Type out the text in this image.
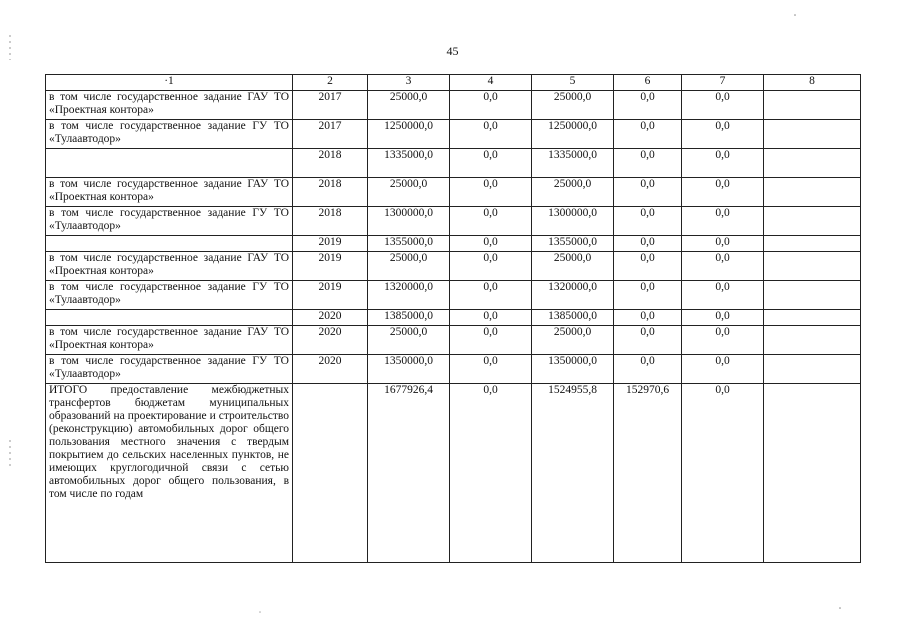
45
·1	2	3	4	5	6	7	8
в том числе государственное задание ГАУ ТО «Проектная контора»	2017	25000,0	0,0	25000,0	0,0	0,0	
в том числе государственное задание ГУ ТО «Тулаавтодор»	2017	1250000,0	0,0	1250000,0	0,0	0,0	
	2018	1335000,0	0,0	1335000,0	0,0	0,0	
в том числе государственное задание ГАУ ТО «Проектная контора»	2018	25000,0	0,0	25000,0	0,0	0,0	
в том числе государственное задание ГУ ТО «Тулаавтодор»	2018	1300000,0	0,0	1300000,0	0,0	0,0	
	2019	1355000,0	0,0	1355000,0	0,0	0,0	
в том числе государственное задание ГАУ ТО «Проектная контора»	2019	25000,0	0,0	25000,0	0,0	0,0	
в том числе государственное задание ГУ ТО «Тулаавтодор»	2019	1320000,0	0,0	1320000,0	0,0	0,0	
	2020	1385000,0	0,0	1385000,0	0,0	0,0	
в том числе государственное задание ГАУ ТО «Проектная контора»	2020	25000,0	0,0	25000,0	0,0	0,0	
в том числе государственное задание ГУ ТО «Тулаавтодор»	2020	1350000,0	0,0	1350000,0	0,0	0,0	
ИТОГО предоставление межбюджетных трансфертов бюджетам муниципальных образований на проектирование и строительство (реконструкцию) автомобильных дорог общего пользования местного значения с твердым покрытием до сельских населенных пунктов, не имеющих круглогодичной связи с сетью автомобильных дорог общего пользования, в том числе по годам		1677926,4	0,0	1524955,8	152970,6	0,0	
